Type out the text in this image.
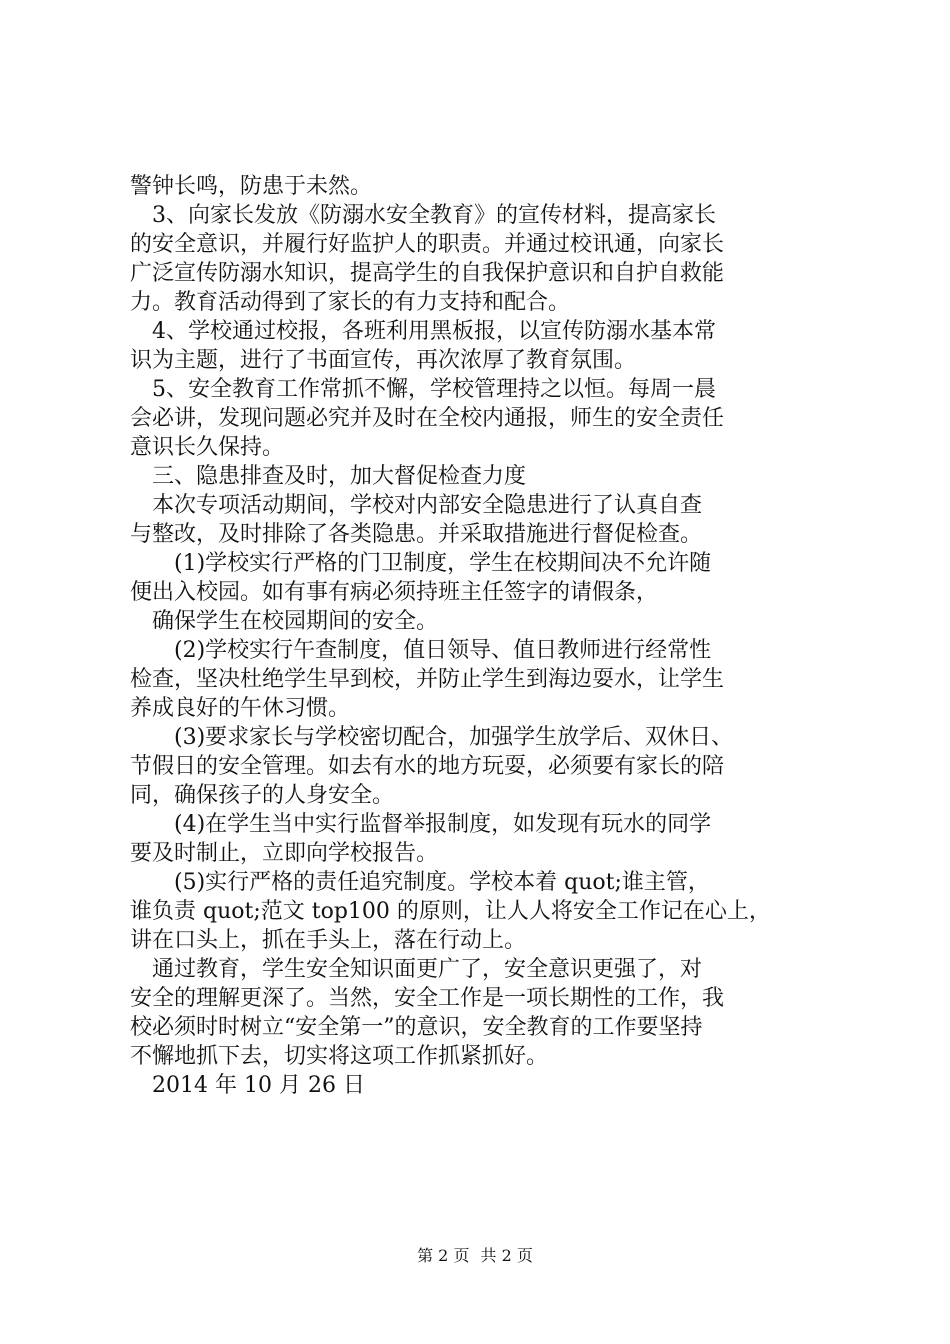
警钟长鸣，防患于未然。
　3、向家长发放《防溺水安全教育》的宣传材料，提高家长
的安全意识，并履行好监护人的职责。并通过校讯通，向家长
广泛宣传防溺水知识，提高学生的自我保护意识和自护自救能
力。教育活动得到了家长的有力支持和配合。
　4、学校通过校报，各班利用黑板报，以宣传防溺水基本常
识为主题，进行了书面宣传，再次浓厚了教育氛围。
　5、安全教育工作常抓不懈，学校管理持之以恒。每周一晨
会必讲，发现问题必究并及时在全校内通报，师生的安全责任
意识长久保持。
　三、隐患排查及时，加大督促检查力度
　本次专项活动期间，学校对内部安全隐患进行了认真自查
与整改，及时排除了各类隐患。并采取措施进行督促检查。
　　(1)学校实行严格的门卫制度，学生在校期间决不允许随
便出入校园。如有事有病必须持班主任签字的请假条，
　确保学生在校园期间的安全。
　　(2)学校实行午查制度，值日领导、值日教师进行经常性
检查，坚决杜绝学生早到校，并防止学生到海边耍水，让学生
养成良好的午休习惯。
　　(3)要求家长与学校密切配合，加强学生放学后、双休日、
节假日的安全管理。如去有水的地方玩耍，必须要有家长的陪
同，确保孩子的人身安全。
　　(4)在学生当中实行监督举报制度，如发现有玩水的同学
要及时制止，立即向学校报告。
　　(5)实行严格的责任追究制度。学校本着 quot;谁主管，
谁负责 quot;范文 top100 的原则，让人人将安全工作记在心上，
讲在口头上，抓在手头上，落在行动上。
　通过教育，学生安全知识面更广了，安全意识更强了，对
安全的理解更深了。当然，安全工作是一项长期性的工作，我
校必须时时树立“安全第一”的意识，安全教育的工作要坚持
不懈地抓下去，切实将这项工作抓紧抓好。
　2014 年 10 月 26 日
第 2 页 共 2 页
